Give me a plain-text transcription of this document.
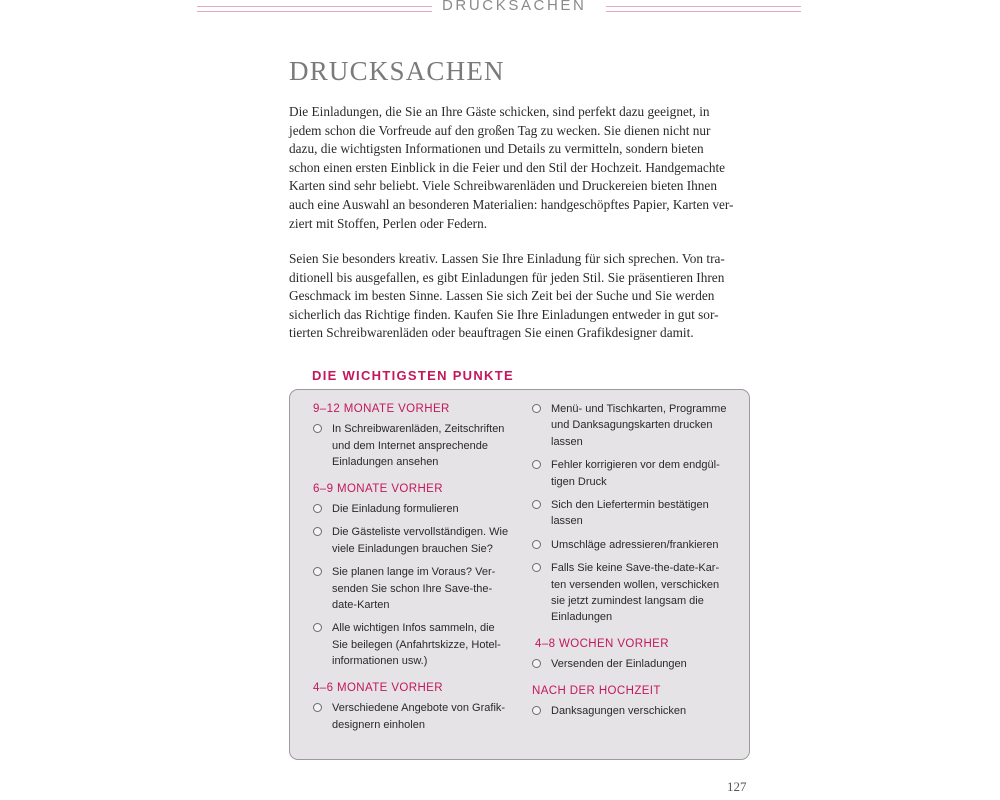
DRUCKSACHEN
DRUCKSACHEN
Die Einladungen, die Sie an Ihre Gäste schicken, sind perfekt dazu geeignet, in
jedem schon die Vorfreude auf den großen Tag zu wecken. Sie dienen nicht nur
dazu, die wichtigsten Informationen und Details zu vermitteln, sondern bieten
schon einen ersten Einblick in die Feier und den Stil der Hochzeit. Handgemachte
Karten sind sehr beliebt. Viele Schreibwarenläden und Druckereien bieten Ihnen
auch eine Auswahl an besonderen Materialien: handgeschöpftes Papier, Karten ver-
ziert mit Stoffen, Perlen oder Federn.
Seien Sie besonders kreativ. Lassen Sie Ihre Einladung für sich sprechen. Von tra-
ditionell bis ausgefallen, es gibt Einladungen für jeden Stil. Sie präsentieren Ihren
Geschmack im besten Sinne. Lassen Sie sich Zeit bei der Suche und Sie werden
sicherlich das Richtige finden. Kaufen Sie Ihre Einladungen entweder in gut sor-
tierten Schreibwarenläden oder beauftragen Sie einen Grafikdesigner damit.
DIE WICHTIGSTEN PUNKTE
9–12 MONATE VORHER
In Schreibwarenläden, Zeitschriften
und dem Internet ansprechende
Einladungen ansehen
6–9 MONATE VORHER
Die Einladung formulieren
Die Gästeliste vervollständigen. Wie
viele Einladungen brauchen Sie?
Sie planen lange im Voraus? Ver-
senden Sie schon Ihre Save-the-
date-Karten
Alle wichtigen Infos sammeln, die
Sie beilegen (Anfahrtskizze, Hotel-
informationen usw.)
4–6 MONATE VORHER
Verschiedene Angebote von Grafik-
designern einholen
Menü- und Tischkarten, Programme
und Danksagungskarten drucken
lassen
Fehler korrigieren vor dem endgül-
tigen Druck
Sich den Liefertermin bestätigen
lassen
Umschläge adressieren/frankieren
Falls Sie keine Save-the-date-Kar-
ten versenden wollen, verschicken
sie jetzt zumindest langsam die
Einladungen
4–8 WOCHEN VORHER
Versenden der Einladungen
NACH DER HOCHZEIT
Danksagungen verschicken
127
